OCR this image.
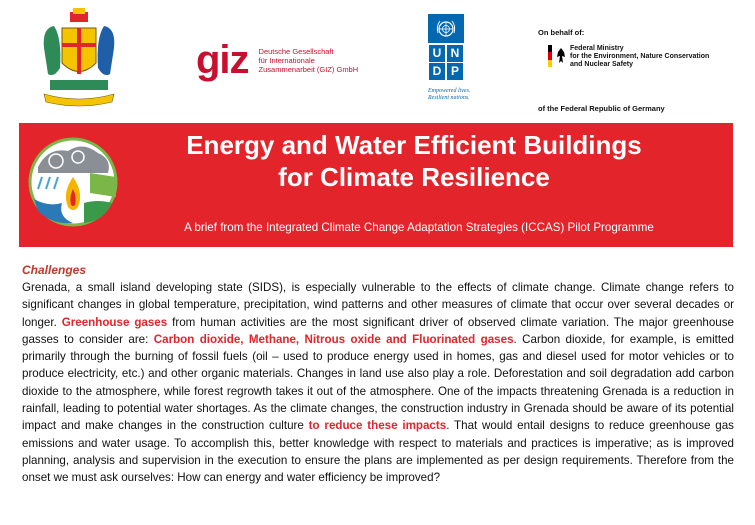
giz Deutsche Gesellschaft
für Internationale
Zusammenarbeit (GIZ) GmbH
U N
D P
Empowered lives.
Resilient nations.
On behalf of:
Federal Ministry
for the Environment, Nature Conservation
and Nuclear Safety
of the Federal Republic of Germany
Energy and Water Efficient Buildings
for Climate Resilience
A brief from the Integrated Climate Change Adaptation Strategies (ICCAS) Pilot Programme
Challenges
Grenada, a small island developing state (SIDS), is especially vulnerable to the effects of climate change. Climate change refers to significant changes in global temperature, precipitation, wind patterns and other measures of climate that occur over several decades or longer. Greenhouse gases from human activities are the most significant driver of observed climate variation. The major greenhouse gasses to consider are: Carbon dioxide, Methane, Nitrous oxide and Fluorinated gases. Carbon dioxide, for example, is emitted primarily through the burning of fossil fuels (oil – used to produce energy used in homes, gas and diesel used for motor vehicles or to produce electricity, etc.) and other organic materials. Changes in land use also play a role. Deforestation and soil degradation add carbon dioxide to the atmosphere, while forest regrowth takes it out of the atmosphere. One of the impacts threatening Grenada is a reduction in rainfall, leading to potential water shortages. As the climate changes, the construction industry in Grenada should be aware of its potential impact and make changes in the construction culture to reduce these impacts. That would entail designs to reduce greenhouse gas emissions and water usage. To accomplish this, better knowledge with respect to materials and practices is imperative; as is improved planning, analysis and supervision in the execution to ensure the plans are implemented as per design requirements. Therefore from the onset we must ask ourselves: How can energy and water efficiency be improved?
